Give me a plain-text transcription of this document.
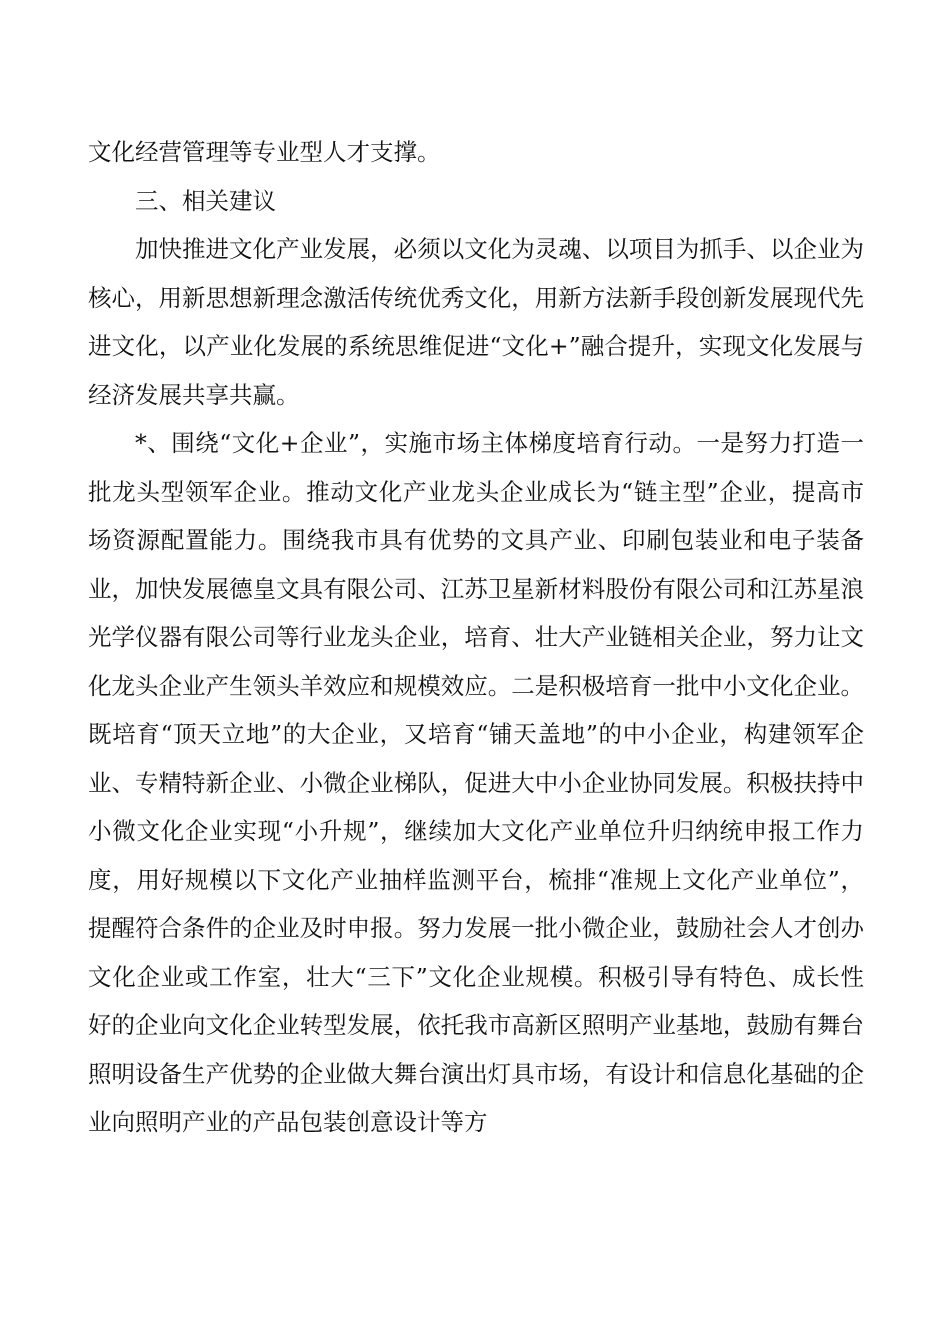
文化经营管理等专业型人才支撑。

三、相关建议

加快推进文化产业发展，必须以文化为灵魂、以项目为抓手、以企业为核心，用新思想新理念激活传统优秀文化，用新方法新手段创新发展现代先进文化，以产业化发展的系统思维促进“文化+”融合提升，实现文化发展与经济发展共享共赢。

*、围绕“文化+企业”，实施市场主体梯度培育行动。一是努力打造一批龙头型领军企业。推动文化产业龙头企业成长为“链主型”企业，提高市场资源配置能力。围绕我市具有优势的文具产业、印刷包装业和电子装备业，加快发展德皇文具有限公司、江苏卫星新材料股份有限公司和江苏星浪光学仪器有限公司等行业龙头企业，培育、壮大产业链相关企业，努力让文化龙头企业产生领头羊效应和规模效应。二是积极培育一批中小文化企业。既培育“顶天立地”的大企业，又培育“铺天盖地”的中小企业，构建领军企业、专精特新企业、小微企业梯队，促进大中小企业协同发展。积极扶持中小微文化企业实现“小升规”，继续加大文化产业单位升归纳统申报工作力度，用好规模以下文化产业抽样监测平台，梳排“准规上文化产业单位”，提醒符合条件的企业及时申报。努力发展一批小微企业，鼓励社会人才创办文化企业或工作室，壮大“三下”文化企业规模。积极引导有特色、成长性好的企业向文化企业转型发展，依托我市高新区照明产业基地，鼓励有舞台照明设备生产优势的企业做大舞台演出灯具市场，有设计和信息化基础的企业向照明产业的产品包装创意设计等方
